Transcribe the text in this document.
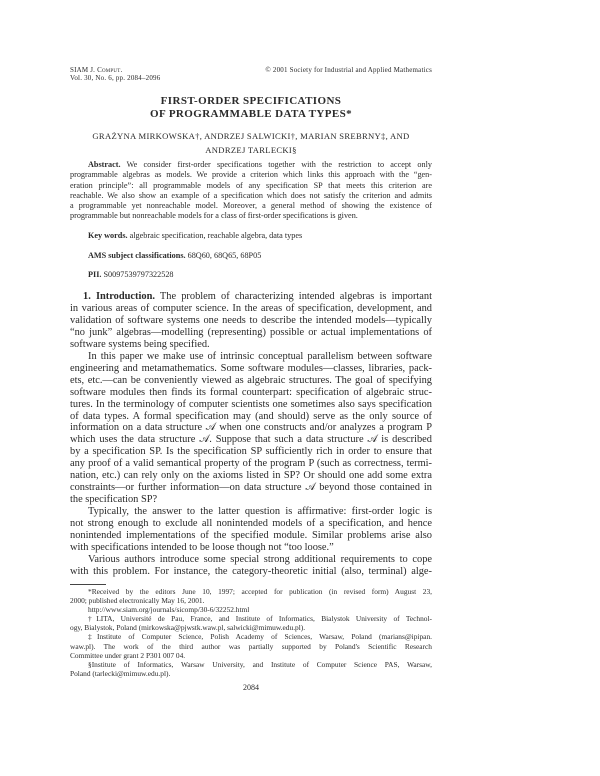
SIAM J. Comput.
Vol. 30, No. 6, pp. 2084–2096
© 2001 Society for Industrial and Applied Mathematics
FIRST-ORDER SPECIFICATIONS
OF PROGRAMMABLE DATA TYPES*
GRAŻYNA MIRKOWSKA†, ANDRZEJ SALWICKI†, MARIAN SREBRNY‡, AND
ANDRZEJ TARLECKI§
Abstract. We consider first-order specifications together with the restriction to accept only
programmable algebras as models. We provide a criterion which links this approach with the “gen-
eration principle”: all programmable models of any specification SP that meets this criterion are
reachable. We also show an example of a specification which does not satisfy the criterion and admits
a programmable yet nonreachable model. Moreover, a general method of showing the existence of
programmable but nonreachable models for a class of first-order specifications is given.
Key words. algebraic specification, reachable algebra, data types
AMS subject classifications. 68Q60, 68Q65, 68P05
PII. S0097539797322528
1. Introduction. The problem of characterizing intended algebras is important
in various areas of computer science. In the areas of specification, development, and
validation of software systems one needs to describe the intended models—typically
“no junk” algebras—modelling (representing) possible or actual implementations of
software systems being specified.
In this paper we make use of intrinsic conceptual parallelism between software
engineering and metamathematics. Some software modules—classes, libraries, pack-
ets, etc.—can be conveniently viewed as algebraic structures. The goal of specifying
software modules then finds its formal counterpart: specification of algebraic struc-
tures. In the terminology of computer scientists one sometimes also says specification
of data types. A formal specification may (and should) serve as the only source of
information on a data structure 𝒜 when one constructs and/or analyzes a program P
which uses the data structure 𝒜. Suppose that such a data structure 𝒜 is described
by a specification SP. Is the specification SP sufficiently rich in order to ensure that
any proof of a valid semantical property of the program P (such as correctness, termi-
nation, etc.) can rely only on the axioms listed in SP? Or should one add some extra
constraints—or further information—on data structure 𝒜 beyond those contained in
the specification SP?
Typically, the answer to the latter question is affirmative: first-order logic is
not strong enough to exclude all nonintended models of a specification, and hence
nonintended implementations of the specified module. Similar problems arise also
with specifications intended to be loose though not “too loose.”
Various authors introduce some special strong additional requirements to cope
with this problem. For instance, the category-theoretic initial (also, terminal) alge-
*Received by the editors June 10, 1997; accepted for publication (in revised form) August 23,
2000; published electronically May 16, 2001.
http://www.siam.org/journals/sicomp/30-6/32252.html
†LITA, Université de Pau, France, and Institute of Informatics, Bialystok University of Technol-
ogy, Bialystok, Poland (mirkowska@pjwstk.waw.pl, salwicki@mimuw.edu.pl).
‡Institute of Computer Science, Polish Academy of Sciences, Warsaw, Poland (marians@ipipan.
waw.pl). The work of the third author was partially supported by Poland's Scientific Research
Committee under grant 2 P301 007 04.
§Institute of Informatics, Warsaw University, and Institute of Computer Science PAS, Warsaw,
Poland (tarlecki@mimuw.edu.pl).
2084
